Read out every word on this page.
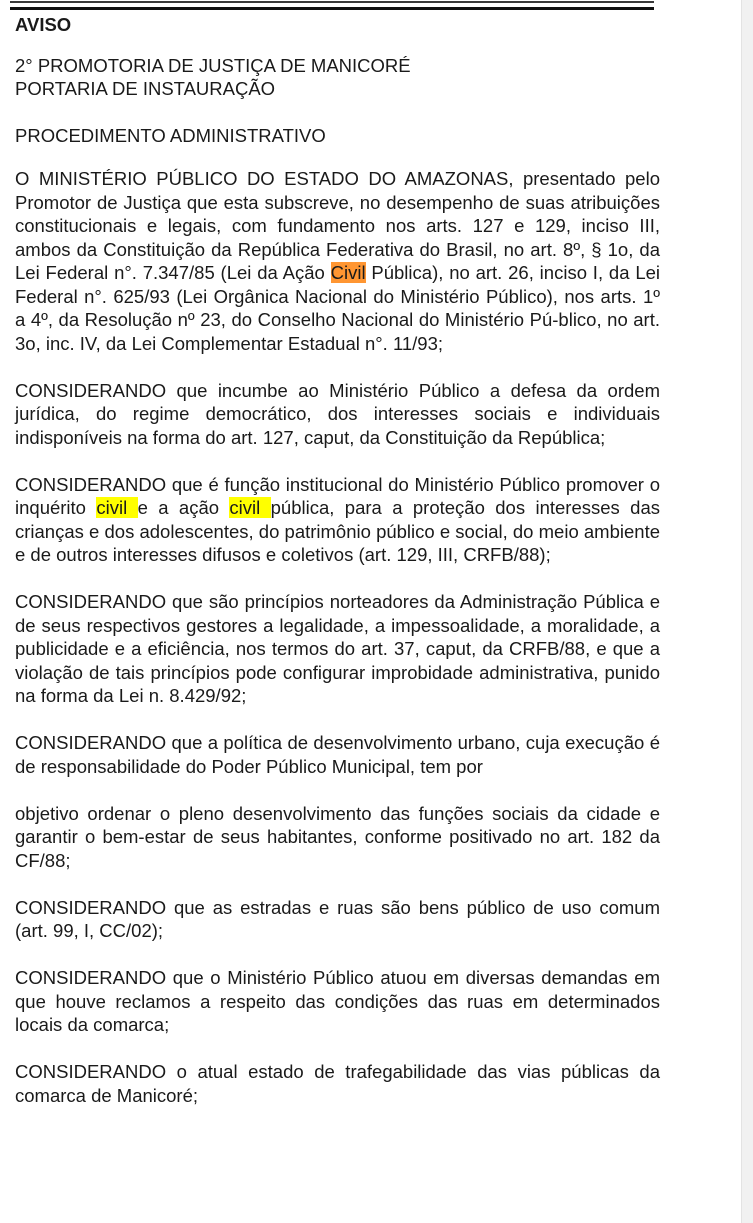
AVISO
2° PROMOTORIA DE JUSTIÇA DE MANICORÉ
PORTARIA DE INSTAURAÇÃO
PROCEDIMENTO ADMINISTRATIVO

O MINISTÉRIO PÚBLICO DO ESTADO DO AMAZONAS, presentado pelo Promotor de Justiça que esta subscreve, no desempenho de suas atribuições constitucionais e legais, com fundamento nos arts. 127 e 129, inciso III, ambos da Constituição da República Federativa do Brasil, no art. 8º, § 1o, da Lei Federal n°. 7.347/85 (Lei da Ação Civil Pública), no art. 26, inciso I, da Lei Federal n°. 625/93 (Lei Orgânica Nacional do Ministério Público), nos arts. 1º a 4º, da Resolução nº 23, do Conselho Nacional do Ministério Pú-blico, no art. 3o, inc. IV, da Lei Complementar Estadual n°. 11/93;

CONSIDERANDO que incumbe ao Ministério Público a defesa da ordem jurídica, do regime democrático, dos interesses sociais e individuais indisponíveis na forma do art. 127, caput, da Constituição da República;

CONSIDERANDO que é função institucional do Ministério Público promover o inquérito civil e a ação civil pública, para a proteção dos interesses das crianças e dos adolescentes, do patrimônio público e social, do meio ambiente e de outros interesses difusos e coletivos (art. 129, III, CRFB/88);

CONSIDERANDO que são princípios norteadores da Administração Pública e de seus respectivos gestores a legalidade, a impessoalidade, a moralidade, a publicidade e a eficiência, nos termos do art. 37, caput, da CRFB/88, e que a violação de tais princípios pode configurar improbidade administrativa, punido na forma da Lei n. 8.429/92;

CONSIDERANDO que a política de desenvolvimento urbano, cuja execução é de responsabilidade do Poder Público Municipal, tem por

objetivo ordenar o pleno desenvolvimento das funções sociais da cidade e garantir o bem-estar de seus habitantes, conforme positivado no art. 182 da CF/88;

CONSIDERANDO que as estradas e ruas são bens público de uso comum (art. 99, I, CC/02);

CONSIDERANDO que o Ministério Público atuou em diversas demandas em que houve reclamos a respeito das condições das ruas em determinados locais da comarca;

CONSIDERANDO o atual estado de trafegabilidade das vias públicas da comarca de Manicoré;
